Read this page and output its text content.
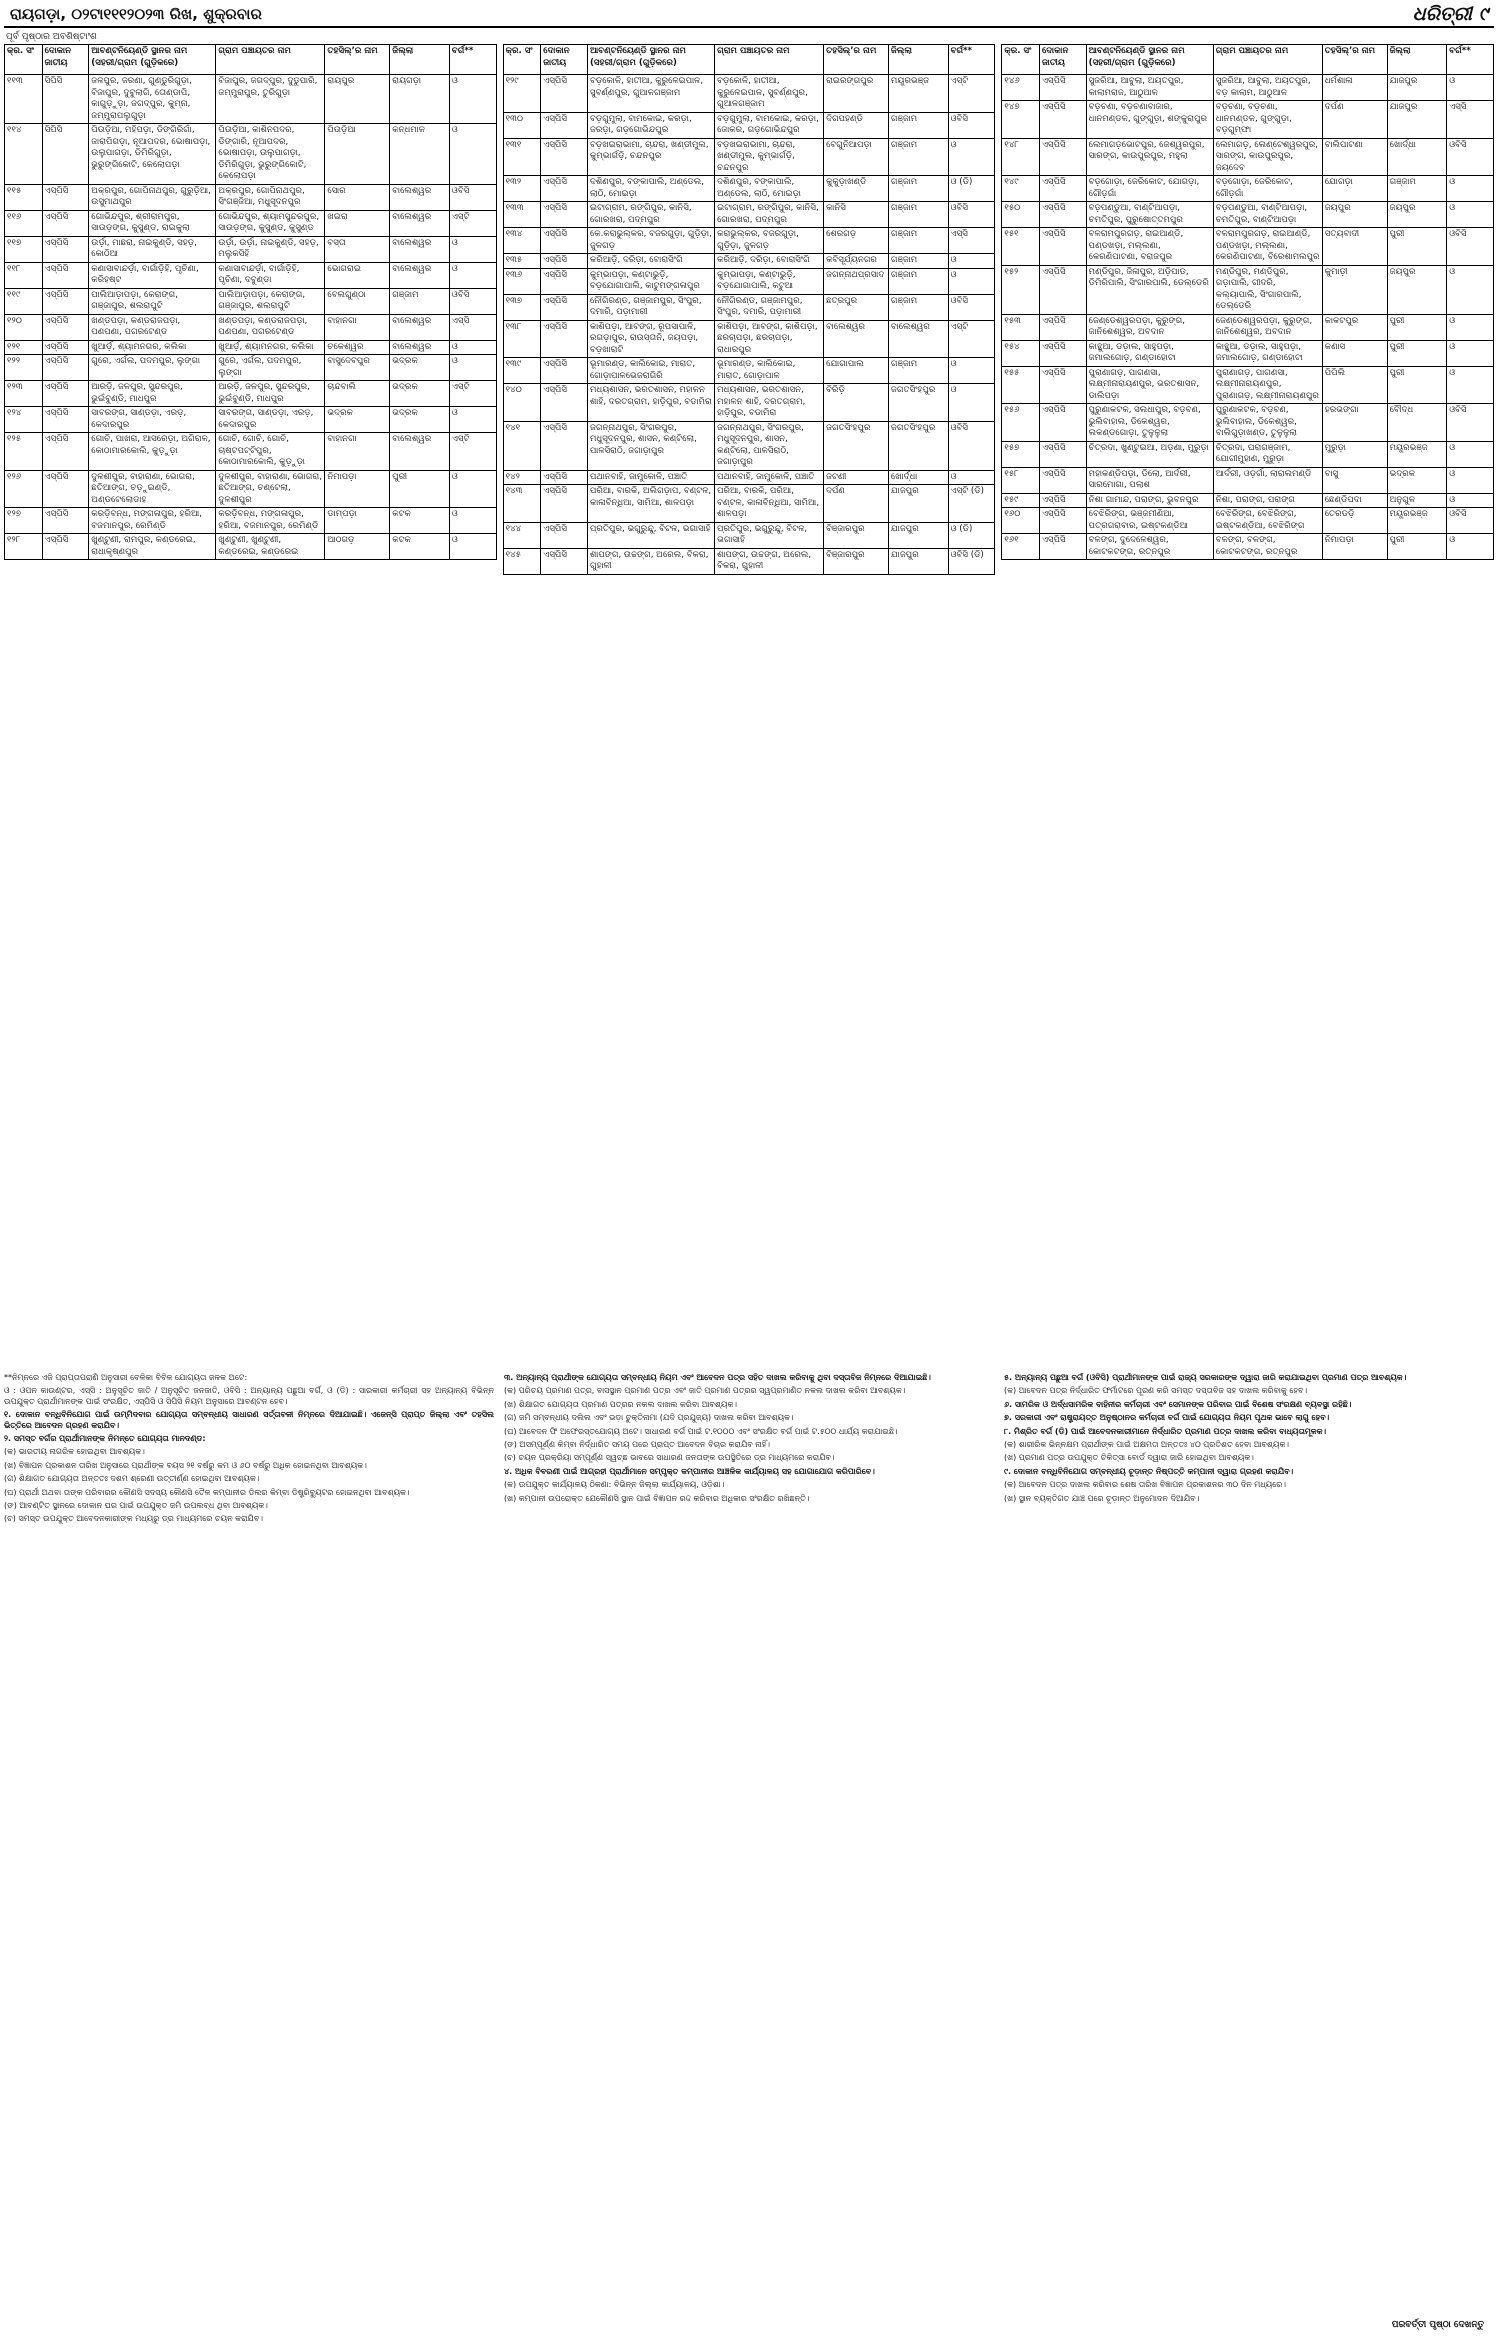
ରାୟଗଡ଼ା, ୦୨ଟା୧୧୧୨୦୨୩ ରିଖ, ଶୁକ୍ରବାର	ଧରିତ୍ରୀ ୯
ପୂର୍ବ ପୃଷ୍ଠାର ଅବଶିଷ୍ଟାଂଶ
କ୍ର. ସଂ	ଦୋକାନ ଜାତୀୟ	ଆବଣ୍ଟନିୟେଣ୍ଡି ସ୍ଥାନର ନାମ (ସହରୀ/ଗ୍ରାମ (ଗୁଡ଼ିକରେ)	ଗ୍ରାମ ପଞ୍ଚାୟତର ନାମ	ତହସିଲ୍’ର ନାମ	ଜିଲ୍ଲା	ବର୍ଗ**
୧୧୩	ସିପିସି	ଜଳପୁର, ଜରଣା, ଗୁଣ୍ଡୁରିଗୁଡ଼ା, ବିଜାପୁର, ଦୁବୁଲାଗି, ତୋଣ୍ଡାପି, କାଗୁଡ଼ୁଡ଼ା, ଜଗଦ୍ପୁର, କୁମ୍ନା, ଜମ୍ମୁରାପଲୁଗୁଡ଼ା	ବିଜାପୁର, ଜଗଦ୍ପୁର, ଦୁଡୁପାରି, ଜମ୍ମୁରାପୁର, ତୁରିଗୁଡ଼ା	ରାୟପୁର	ରାୟଗଡ଼ା	ଓ
୧୧୪	ସିପିସି	ପିଉଡ଼ିଆ, ମହିପଡ଼ା, ଡିଙ୍ଗିରିଗାଁ, ଜାରାପିଗଡ଼ା, ନୂଆପଦର, ଭୋଷାପଡ଼ା, ଉଲୁପାଗଡ଼ା, ଡିମିରିଗୁଡ଼ା, ଭୁରୁଙ୍ଗିକୋଟି, କେଲୋପଡ଼ା	ପିଉଡ଼ିଆ, କାଶିନପଦର, ଡିଙ୍ଗାରି, ନୂଆପଦର, ଭୋଷାପଡ଼ା, ଉଲୁପାଗଡ଼ା, ଡିମିରିଗୁଡ଼ା, ଭୁରୁଙ୍ଗିକୋଟି, କେଲୋପଡ଼ା	ପିଉଡ଼ିଆ	କନ୍ଧମାଳ	ଓ
୧୧୫	ଏସ୍‌ପିସି	ଅକ୍ରପୁର, ଗୋପିନାଥପୁର, ଗୁରୁଡ଼ିଆ, ଉସୁମାଥପୁର	ଅକ୍ରପୁର, ଗୋପିନାଥପୁର, ସିଂଗଞ୍ଜିଆ, ମଧୁସୂଦନପୁର	ସୋର	ବାଲେଶ୍ୱର	ଓବିସି
୧୧୬	ଏସ୍‌ପିସି	ଗୋଭିନ୍ଦପୁର, ଶ୍ରୀରାମପୁର, ସାଉଡ଼ଙ୍ଗ, କୁସୁଣ୍ଡ, ରାଇକୁଲା	ଗୋଭିନ୍ଦପୁର, ଶ୍ୟାମସୁନ୍ଦରପୁର, ସାଉଡ଼ଙ୍ଗ, କୁସୁଣ୍ଡ, କୁସୁଣ୍ଡ	ଖଇରା	ବାଲେଶ୍ୱର	ଏସ୍‌ଟି
୧୧୭	ଏସ୍‌ପିସି	ଉର୍ଡ଼ା, ମାଛରା, ନାଇକୁଣ୍ଡି, ସହଡ଼, କୋଠିଆ	ଉର୍ଡ଼ା, ଉର୍ଡ଼ା, ନାଇକୁଣ୍ଡି, ସହଡ଼, ମଲୁକସିହି	ବସ୍ତା	ବାଲେଶ୍ୱର	ଓ
୧୧୮	ଏସ୍‌ପିସି	କଣାସାବାନ୍ଦର୍ଡ଼ା, ବାର୍ଗାଡ଼ିହି, ପୃଚିଣା, କରିହଷ୍ଟ	କଣାସାବାନ୍ଦର୍ଡ଼ା, ବାର୍ଗାଡ଼ିହି, ପୃଚିଣା, ଦବୁଣ୍ଡା	ଭୋଗରାଇ	ବାଲେଶ୍ୱର	ଓ
୧୧୯	ଏସ୍‌ପିସି	ପାଲିଆଡ଼ାପଡ଼ା, କେରାଙ୍ଗ, ଗଞ୍ଜାପୁର, ଶଲରାପୁଟି	ପାଲିଆଡ଼ାପଡ଼ା, କେରାଙ୍ଗ, ଗଞ୍ଜାପୁର, ଶଲରାପୁଟି	ବେଲଗୁଣ୍ଠା	ଗଞ୍ଜାମ	ଓବିସି
୧୨୦	ଏସ୍‌ପିସି	ଖଣ୍ଡପଡ଼ା, କଣ୍ଡରାଜପଡ଼ା, ପଣପଣା, ପଗରଟେଣ୍ଡ	ଖଣ୍ଡପଡ଼ା, କଣ୍ଡରାଜପଡ଼ା, ପଣପଣା, ପଗରଟେଣ୍ଡ	ବାହାନଗା	ବାଲେଶ୍ୱର	ଏସ୍‌ସି
୧୨୧	ଏସ୍‌ପିସି	ଖୁଆର୍ଡ଼, ଶ୍ୟାମନଗର, କଲିକା	ଖୁଆର୍ଡ଼, ଶ୍ୟାମନଗର, କଲିକା	ଚକେଶ୍ୱର	ବାଲେଶ୍ୱର	ଓ
୧୨୨	ଏସ୍‌ପିସି	ଗୁରେ, ଏର୍ଗଲ, ପଦମପୁର, ଲୁଙ୍ଗା	ଗୁରେ, ଏର୍ଗଲ, ପଦମପୁର, ଲୁଙ୍ଗା	ବାସୁଦେବପୁର	ଭଦ୍ରକ	ଓ
୧୨୩	ଏସ୍‌ପିସି	ଆରଡ଼ି, ଜଳପୁର, ସୁନ୍ଦରପୁର, ଭୁଇଁବୁଣ୍ଡି, ମାଧପୁର	ଆରଡ଼ି, ଜଳପୁର, ସୁନ୍ଦରପୁର, ଭୁଇଁବୁଣ୍ଡି, ମାଧପୁର	ଚାନ୍ଦବାଲି	ଭଦ୍ରକ	ଏସ୍‌ଟି
୧୨୪	ଏସ୍‌ପିସି	ସାବରଙ୍ଗ, ସାଣ୍ଡଡ଼ା, ଏରଡ଼, କେଦାରପୁର	ସାବରଙ୍ଗ, ସାଣ୍ଡଡ଼ା, ଏରଡ଼, କେଦାରପୁର	ଭଦ୍ରକ	ଭଦ୍ରକ	ଓ
୧୨୫	ଏସ୍‌ପିସି	ଗୋଚି, ପାଖରା, ଆସରେଡ଼ା, ଅଗିରାଳ, କୋଠାମାରକୋଲି, କୁଡ଼ୁଡ଼ା	ଗୋଚି, ଗୋଚି, ଗୋଚି, ଚାଷ୍ଟପଟ୍ଟିପୁର, କୋଠାମାରକୋଲି, କୁଡ଼ୁଡ଼ା	ବାହାନଗା	ବାଲେଶ୍ୱର	ଏସ୍‌ଟି
୧୨୬	ଏସ୍‌ପିସି	ଦୁଳଶୀପୁର, ବାହାରାଣା, ଭୋଗରା, ଛତିଆଙ୍ଗ, ଚଡ଼ୁଇଣ୍ଡି, ଅଣ୍ଡଟେଲୋଡାହ	ଦୁଳଶୀପୁର, ବାହାରାଣା, ଭୋଗରା, ଛତିଆଙ୍ଗ, ଚଣ୍ଟେଲା, ଦୁଳଶୀପୁର	ନିମାପଡ଼ା	ପୁରୀ	ଓ
୧୨୭	ଏସ୍‌ପିସି	କରଡ଼ିବନ୍ଧ, ମଙ୍ଗଳାପୁର, ହରିଆ, ବଜମାନପୁର, ରେମିଣ୍ଡି	କରଡ଼ିବନ୍ଧ, ମଙ୍ଗଳାପୁର, ହରିଆ, ବଜମାନପୁର, ରେମିଣ୍ଡି	ଡାମ୍ପଡ଼ା	କଟକ	ଓ
୧୨୮	ଏସ୍‌ପିସି	ଖୁଣ୍ଟୁଣୀ, ରାମପୁର, କଣ୍ଡରେଇ, ରାଧାକୃଷ୍ଣପୁର	ଖୁଣ୍ଟୁଣୀ, ଖୁଣ୍ଟୁଣୀ, କଣ୍ଡରେଇ, କଣ୍ଡରେଇ	ଆଠଗଡ଼	କଟକ	ଓ
କ୍ର. ସଂ	ଦୋକାନ ଜାତୀୟ	ଆବଣ୍ଟନିୟେଣ୍ଡି ସ୍ଥାନର ନାମ (ସହରୀ/ଗ୍ରାମ (ଗୁଡ଼ିକରେ)	ଗ୍ରାମ ପଞ୍ଚାୟତର ନାମ	ତହସିଲ୍’ର ନାମ	ଜିଲ୍ଲା	ବର୍ଗ**
୧୨୯	ଏସ୍‌ପିସି	ବଡ଼କୋଳି, ହାତୀଆ, କୁରୁଳେଇପାଳ, ସୁବର୍ଣ୍ଣପୁର, ଗୁଆଳଗଞ୍ଜାମ	ବଡ଼କୋଳି, ହାତୀଆ, କୁରୁଳେଇପାଳ, ସୁବର୍ଣ୍ଣପୁର, ଗୁଆଳଗଞ୍ଜାମ	ରାଇରଙ୍ଗପୁର	ମୟୂରଭଞ୍ଜ	ଏସ୍‌ଟି
୧୩୦	ଏସ୍‌ପିସି	ବଡ଼ଗୁମୁଲା, ବାମକୋଇ, କରଡ଼ା, ଜରଡ଼ା, ଗଡ଼ଗୋଭିନ୍ଦପୁର	ବଡ଼ଗୁମୁଲା, ବାମକୋଇ, କରଡ଼ା, ଜୋକର, ଗଡ଼ଗୋଭିନ୍ଦପୁର	ଦିଗପହଣ୍ଡି	ଗଞ୍ଜାମ	ଓବିସି
୧୩୧	ଏସ୍‌ପିସି	ବଡ଼ଖଇରାଭାମା, ଚାନ୍ଦରା, ଖଣ୍ଡୀମୁଲ, କୁମ୍ଭାର୍ଗଡ଼ି, ଚନ୍ଦନପୁର	ବଡ଼ଖଇରାଭାମା, ଚାନ୍ଦରା, ଖଣ୍ଡୀମୁଲ, କୁମ୍ଭାର୍ଗଡ଼ି, ଚନ୍ଦନପୁର	ବେଗୁନିଆପଡ଼ା	ଗଞ୍ଜାମ	ଓ
୧୩୨	ଏସ୍‌ପିସି	ଦଶିଣପୁର, ବଙ୍କାପାଲି, ଅଣ୍ଡେଲ, ଲାଠି, ମୋଇଡ଼ା	ଦଶିଣପୁର, ବଙ୍କାପାଲି, ଅଣ୍ଡେଲ, ଲାଠି, ମୋଇଡ଼ା	କୁକୁଡ଼ାଖଣ୍ଡି	ଗଞ୍ଜାମ	ଓ (ଡି)
୧୩୩	ଏସ୍‌ପିସି	ଇଟାଗ୍ରାମ, ରଙ୍ଗିପୁର, କାନିସି, ଗୋରଖରା, ପଦ୍ମପୁର	ଇଟାଗ୍ରାମ, ରଙ୍ଗିପୁର, କାନିସି, ଗୋରଖରା, ପଦ୍ମପୁର	କାନିସି	ଗଞ୍ଜାମ	ଓବିସି
୧୩୪	ଏସ୍‌ପିସି	କେ.କରାଭୁଲ୍କର, ବଜରଗୁଡ଼ା, ଗୁଡ଼ିଡ଼ା, ଜୁଳଗଡ଼	କରାଭୁଲ୍କର, ବଜରଗୁଡ଼ା, ଗୁଡ଼ିଡ଼ା, ଜୁଳଗଡ଼	ଶେରଗଡ଼	ଗଞ୍ଜାମ	ଏସ୍‌ସି
୧୩୫	ଏସ୍‌ପିସି	କରିଆଡ଼ି, ଦରିଡ଼ା, ବୋରାସିଂଗି	କରିଆଡ଼ି, ଦରିଡ଼ା, ବୋରାସିଂଗି	କବିସୂର୍ଯ୍ୟନଗର	ଗଞ୍ଜାମ	ଓ
୧୩୬	ଏସ୍‌ପିସି	କୁମ୍ଭାପଡ଼ା, କଣ୍ଟାଭୁଡ଼ି, ବଡ଼ଯୋଗାପାଲି, କାଟୁମଙ୍ଗଳାପୁର	କୁମ୍ଭାପଡ଼ା, କଣ୍ଟାଭୁଡ଼ି, ବଡ଼ଯୋଗାପାଲି, କଟୁଆ	ଜଗନ୍ନାଥପ୍ରସାଦ	ଗଞ୍ଜାମ	ଓ
୧୩୭	ଏସ୍‌ପିସି	ନୌଗିରଣ୍ଡ, ଗଞ୍ଜାମପୁର, ସିଂପୁର, ଦମାରି, ପଡ଼ାମାରୀ	ନୌଗିରଣ୍ଡ, ଗଞ୍ଜାମପୁର, ସିଂପୁର, ଦମାରି, ପଡ଼ାମାରୀ	ଛତ୍ରପୁର	ଗଞ୍ଜାମ	ଓବିସି
୧୩୮	ଏସ୍‌ପିସି	କାଶିପଡ଼ା, ଆବଙ୍ଗ, ରୂପସାପାଳି, ରଗଡ଼ାପୁର, ରାଉସ୍ତାନି, ଜୟପଡ଼ା, ବଡ଼ଖାରାଟି	କାଶିପଡ଼ା, ଆବଙ୍ଗ, କାଶିପଡ଼ା, ଛରଚାପଡ଼ା, ଛରଚାପଡ଼ା, ରାଧାରପୁର	ବାଲେଶ୍ୱର	ବାଲେଶ୍ୱର	ଏସ୍‌ଟି
୧୩୯	ଏସ୍‌ପିସି	ଭୂମାରଣ୍ଡ, କାଲିକୋଇ, ମାରାତ, ଗୋଡ଼ାପାଳଭେଜରାଗିରି	ଭୂମାରଣ୍ଡ, କାଲିକୋଇ, ମାରାତ, ଗୋଡ଼ାପାଳ	ଯୋଗାପାଲ	ଗଞ୍ଜାମ	ଓ
୧୪୦	ଏସ୍‌ପିସି	ମଧ୍ୟଶାସନ, ଭରତଶାସନ, ମହାଳନ ଶାହି, ଦରତଗ୍ରାମ, ହାଡ଼ିପୁର, ବଡାମିରା	ମଧ୍ୟଶାସନ, ଭରତଶାସନ, ମହାଳନ ଶାହି, ଦରତଗ୍ରାମ, ହାଡ଼ିପୁର, ବଡାମିରା	ବିରିଡ଼ି	ଜଗତସିଂହପୁର	ଓ
୧୪୧	ଏସ୍‌ପିସି	ଜଗନ୍ନାଥପୁର, ସିଂଗରପୁର, ମଧୁସୂଦନପୁର, ଶାସନ, କଣ୍ଟିଲୋ, ପାଳସିରାଠି, ଜଗାଡ଼ାପୁର	ଜଗନ୍ନାଥପୁର, ସିଂଗରପୁର, ମଧୁସୂଦନପୁର, ଶାସନ, କଣ୍ଟିଲୋ, ପାଳସିରାଠି, ଜଗାଡ଼ାପୁର	ଜଗତସିଂହପୁର	ଜଗତସିଂହପୁର	ଓବିସି
୧୪୨	ଏସ୍‌ପିସି	ପଥାନବାହି, ଜାମୁକୋଳି, ପଞ୍ଚାତି	ପଥାନବାହି, ଜାମୁକୋଳି, ପଞ୍ଚାତି	ଜଟଣୀ	ଖୋର୍ଦ୍ଧା	ଓ
୧୪୩	ଏସ୍‌ପିସି	ପରିଆ, ବାରକି, ଅଲିଗଡ଼ାପ, ବଣ୍ଟଳ, କାଳାବିନ୍ଧିଆ, ସାମିଆ, ଶାଳପଡ଼ା	ପରିଆ, ବାରକି, ପରିଆ, ବଣ୍ଟଳ, କାଳାବିନ୍ଧିଆ, ସାମିଆ, ଶାଳପଡ଼ା	ଦର୍ପଣ	ଯାଜପୁର	ଏସ୍‌ଟି (ଡି)
୧୪୪	ଏସ୍‌ପିସି	ପ୍ରତିପୁର, ଭଗୁରୁନ୍ଦୁ, ବିଟଳ, ଭଗାସାହି	ପ୍ରତିପୁର, ଭଗୁରୁନ୍ଦୁ, ବିଟଳ, ଭଗାସାହି	ବିଞ୍ଜାରପୁର	ଯାଜପୁର	ଓ (ଡି)
୧୪୫	ଏସ୍‌ପିସି	ଶାପଙ୍ଗ, ଉଚ୍ଚଙ୍ଗ, ଅରେଲ, ବିକରା, ଗୁହାଳୀ	ଶାପଙ୍ଗ, ଉଚ୍ଚଙ୍ଗ, ଅରେଲ, ବିକରା, ଗୁହାଳୀ	ବିଞ୍ଜାରପୁର	ଯାଜପୁର	ଓବିସି (ଡି)
କ୍ର. ସଂ	ଦୋକାନ ଜାତୀୟ	ଆବଣ୍ଟନିୟେଣ୍ଡି ସ୍ଥାନର ନାମ (ସହରୀ/ଗ୍ରାମ (ଗୁଡ଼ିକରେ)	ଗ୍ରାମ ପଞ୍ଚାୟତର ନାମ	ତହସିଲ୍’ର ନାମ	ଜିଲ୍ଲା	ବର୍ଗ**
୧୪୬	ଏସ୍‌ପିସି	ସୁଜରିଆ, ଆବୁଲା, ଅୟତପୁର, କାଲାମରାଜ, ଆଠୁଆଳ	ସୁଜରିଆ, ଆବୁଲା, ଅୟତପୁର, ବଡ଼ କାଲାମ, ଆଠୁଆଳ	ଧର୍ମଶାଳା	ଯାଜପୁର	ଓ
୧୪୭	ଏସ୍‌ପିସି	ବଡ଼ଚଣା, ବଡ଼ଚଣାବାଜାର, ଧାନମଣ୍ଡଳ, ଗୁଙ୍ଗୁଡ଼ା, ଶଙ୍କୁରାପୁର	ବଡ଼ଚଣା, ବଡ଼ଚଣା, ଧାନମଣ୍ଡଳ, ଗୁଙ୍ଗୁଡ଼ା, ବଡ଼ଗୁମ୍ଫା	ଦର୍ପଣ	ଯାଜପୁର	ଏସ୍‌ସି
୧୪୮	ଏସ୍‌ପିସି	ଲେମାଗଡ଼ଭୋଟପୁର, ଜେଶ୍ୱରପୁର, ସାରଙ୍ଗ, କାଉପୁରପୁର, ମହୁଲା	ଲେମାଗଡ଼, ଲେଣ୍ଟେଶ୍ୱରପୁର, ସାରଙ୍ଗ, କାଉପୁରପୁର, ଜୟଦେବ	ବାଲିପାଟଣା	ଖୋର୍ଦ୍ଧା	ଓବିସି
୧୪୯	ଏସ୍‌ପିସି	ବଡ଼ଗୋଡ଼ା, ଜେରିକୋଟ, ଯୋଗଡ଼ା, ଗୌଡ଼ଗାଁ	ବଡ଼ଗୋଡ଼ା, ଜେରିକୋଟ, ଗୌଡ଼ଗାଁ	ଯୋଗଡ଼ା	ଗଞ୍ଜାମ	ଓ
୧୫୦	ଏସ୍‌ପିସି	ବଡ଼ପଣ୍ଡୁଆ, ବାଣ୍ଟିଆପଡ଼ା, ଚମତିପୁର, ପୁରୁଷୋତ୍ତମପୁର	ବଡ଼ପଣ୍ଡୁଆ, ବାଣ୍ଟିଆପଡ଼ା, ଚମତିପୁର, ବାଣ୍ଟିଆପଡ଼ା	ଜୟପୁର	ଜୟପୁର	ଓ
୧୫୧	ଏସ୍‌ପିସି	ବଳରାମପୁରଗଡ଼, ରାଇଆଣ୍ଡି, ପଣ୍ଡଖଡ଼ା, ମଲ୍ଲଣା, କେରଣିପାଟଣା, ବରାଜପୁର	ବଳରାମପୁରଗଡ଼, ରାଇଆଣ୍ଡି, ପଣ୍ଡଖଡ଼ା, ମଲ୍ଲଣା, କେରଣିପାଟଣା, ବିରେଶାମଲପୁର	ସତ୍ୟବାଦୀ	ପୁରୀ	ଓବିସି
୧୫୨	ଏସ୍‌ପିସି	ମଣ୍ଡିପୁର, ଜିଳାପୁର, ଅଡ଼ିପାଡ, ଡିମିରିପାଲି, ସିଂଗାରପାଲି, ଡେଲ୍ଡେରି	ମଣ୍ଡିପୁର, ମଣ୍ଡିପୁର, ଗଡ଼ାପାଲି, ଗୀଦରି, କଲ୍ୟାପାଲି, ସିଂଗାରପାଲି, ଡେଲ୍ଡେରି	କୁମାଡ଼ୀ	ଜୟପୁର	ଓ
୧୫୩	ଏସ୍‌ପିସି	ଜେଣ୍ଡେଶ୍ୱରପଡ଼ା, କୁରୁଙ୍ଗ, ଜାନିଶେଶ୍ୱର, ଅବଦାନ	ଜେଣ୍ଡେଶ୍ୱରପଡ଼ା, କୁରୁଙ୍ଗ, ଜାନିଶେଶ୍ୱର, ଅବଦାନ	କାକଟପୁର	ପୁରୀ	ଓ
୧୫୪	ଏସ୍‌ପିସି	କାନ୍ଥୁଆ, ଡଡ଼ାଲ, ସାହୁପଡ଼ା, ଜମାଲଗୋଡ଼, ଗଣ୍ଡାହୋଟା	କାନ୍ଥୁଆ, ଡଡ଼ାଲ, ସାହୁପଡ଼ା, ଜମାଲଗୋଡ଼, ଗଣ୍ଡାହୋଟା	କଣାସ	ପୁରୀ	ଓ
୧୫୫	ଏସ୍‌ପିସି	ପୁରାଣାଗଡ଼, ପାଗଣସା, ଲକ୍ଷ୍ମୀନାରାୟଣପୁର, ଭରତଶାସନ, ଡାଲିପଡ଼ା	ପୁରାଣାଗଡ଼, ପାଗଣସା, ଲକ୍ଷ୍ମୀନାରାୟଣପୁର, ପୁରାଣାଗଡ଼, ଲକ୍ଷ୍ମୀନାରାୟଣପୁର	ପିପିଲି	ପୁରୀ	ଓ
୧୫୬	ଏସ୍‌ପିସି	ପୁରୁଣାକଟକ, ସଲଧାପୁର, ବଡ଼ବଣ, ଭୁଲିବାହାଲ, ଡିକେଶ୍ୱର, ଲକଣ୍ଡଗୋଡ଼ା, ତୁଳୁଳୁଲା	ପୁରୁଣାକଟକ, ବଡ଼ବଣ, ଭୁଲିବାହାଲ, ଡିକେଶ୍ୱର, ବାଲିଗୁଡ଼ାଖଣ୍ଡ, ତୁଳୁଳୁଲା	ହରଭଙ୍ଗା	ବୌଦ୍ଧ	ଓବିସି
୧୫୭	ଏସ୍‌ପିସି	ଚିତ୍ରଦା, ଖୁଣ୍ଟୁଇଆ, ଅଡ଼ଣା, ମୁରୁଡ଼ା	ଚିତ୍ରଦା, ଘରାଗଞ୍ଜାମ, ଯୋଗୀମୁହାଣ, ମୁରୁଡ଼ା	ମୁରୁଡ଼ା	ମୟୂରଭଞ୍ଜ	ଓ
୧୫୮	ଏସ୍‌ପିସି	ମହାକଣ୍ଡିପଡ଼ା, ଡିଲୋ, ଆର୍ଦରୀ, ସାରମୋଗା, ପଲାଶ	ଆର୍ଦରୀ, ଓଡ଼ର୍ଗା, ଲାରାଲମଣ୍ଡି	ବାସୁ	ଭଦ୍ରକ	ଓ
୧୫୯	ଏସ୍‌ପିସି	ନିଶା ଗାମାନ୍ଦ, ପରାଙ୍ଗ, ଭୁବନପୁର	ନିଶା, ପରାଙ୍ଗ, ପରାଙ୍ଗ	ଛେଣ୍ଡିପଦା	ଅନୁଗୁଳ	ଓ
୧୬୦	ଏସ୍‌ପିସି	ବେଝିରିଙ୍ଗ, ଭଞ୍ଜମୀଣିଆ, ପତ୍ରଗରାବାର, ଇଷ୍ଟକଣ୍ଡିଆ	ବେଝିରିଙ୍ଗ, ବେଝିରିଙ୍ଗ, ଇଷ୍ଟକଣ୍ଡିଆ, ବେଝିରିଙ୍ଗ	ତେରଡଡ଼ି	ମୟୂରଭଞ୍ଜ	ଓବିସି
୧୬୧	ଏସ୍‌ପିସି	ବଳଙ୍ଗ, ଦୁଦେଳେଶ୍ୱର, କୋଟକଟଙ୍ଗ, ରତ୍ନପୁର	ବଳଙ୍ଗ, ବଳଙ୍ଗ, କୋଟକଟଙ୍ଗ, ରତ୍ନପୁର	ନିମାପଡ଼ା	ପୁରୀ	ଓ

**ନିମ୍ନରେ ଏଜି ପ୍ରାପ୍ତାପରାଣି ଅନୁସାରୀ ବେଳିକା ବିବିଳ ଯୋଗ୍ୟତା ଜଳକ ଅଟେ:

ଓ : ଓପନ କାଉଣ୍ଟର, ଏସ୍‌ସି : ଅନୁସୂଚିତ ଜାତି / ଅନୁସୂଚିତ ଜନଜାତି, ଓବିସି : ଅନ୍ୟାନ୍ୟ ପଛୁଆ ବର୍ଗ, ଓ (ଡି) : ସାରକାରୀ କର୍ମଚାରୀ ସହ ଅନ୍ୟାନ୍ୟ ବିଭିନ୍ନ ଉପଯୁକ୍ତ ପ୍ରାର୍ଥୀମାନଙ୍କ ପାଇଁ ସଂରକ୍ଷିତ, ଏସ୍‌ପିସି ଓ ସିପିସି ନିୟମ ଅନୁସାରେ ଆବଣ୍ଟନ ହେବ।

୧. ଦୋକାନ ବନ୍ଧିବିନିଯୋଗ ପାଇଁ ଉମ୍ମିଦବାର ଯୋଗ୍ୟତା ସମ୍ବନ୍ଧୀୟ ସାଧାରଣ ସର୍ତ୍ତାବଳୀ ନିମ୍ନରେ ଦିଆଯାଇଛି। ଏଜେନ୍ସି ପ୍ରାପ୍ତ ଜିଲ୍ଲା ଏବଂ ତହସିଲ ଭିତ୍ତିରେ ଆବେଦନ ଗ୍ରହଣ କରାଯିବ।

୨. ସମସ୍ତ ବର୍ଗର ପ୍ରାର୍ଥୀମାନଙ୍କ ନିମନ୍ତେ ଯୋଗ୍ୟତା ମାନଦଣ୍ଡ:

(କ) ଭାରତୀୟ ନାଗରିକ ହୋଇଥିବା ଆବଶ୍ୟକ।

(ଖ) ବିଜ୍ଞାପନ ପ୍ରକାଶନ ତାରିଖ ଅନୁସାରେ ପ୍ରାର୍ଥୀଙ୍କ ବୟସ ୨୧ ବର୍ଷରୁ କମ ଓ ୬୦ ବର୍ଷରୁ ଅଧିକ ହୋଇନଥିବା ଆବଶ୍ୟକ।

(ଗ) ଶିକ୍ଷାଗତ ଯୋଗ୍ୟତା ଅନ୍ତତଃ ଦଶମ ଶ୍ରେଣୀ ଉତ୍ତୀର୍ଣ୍ଣ ହୋଇଥିବା ଆବଶ୍ୟକ।

(ଘ) ପ୍ରାର୍ଥୀ ଅଥବା ତାଙ୍କ ପରିବାରର କୌଣସି ସଦସ୍ୟ କୌଣସି ତୈଳ କମ୍ପାନୀର ଡିଲର କିମ୍ବା ଡିଷ୍ଟ୍ରିବ୍ୟୁଟର ହୋଇନଥିବା ଆବଶ୍ୟକ।

(ଙ) ଆବଣ୍ଟିତ ସ୍ଥାନରେ ଦୋକାନ ଘର ପାଇଁ ଉପଯୁକ୍ତ ଜମି ଉପଲବ୍ଧ ଥିବା ଆବଶ୍ୟକ।

(ଚ) ସମସ୍ତ ଉପଯୁକ୍ତ ଆବେଦନକାରୀଙ୍କ ମଧ୍ୟରୁ ଡ୍ର ମାଧ୍ୟମରେ ଚୟନ କରାଯିବ।

୩. ଅନ୍ୟାନ୍ୟ ପ୍ରାର୍ଥୀଙ୍କ ଯୋଗ୍ୟତା ସମ୍ବନ୍ଧୀୟ ନିୟମ ଏବଂ ଆବେଦନ ପତ୍ର ସହିତ ଦାଖଲ କରିବାକୁ ଥିବା ଦସ୍ତାବିଜ ନିମ୍ନରେ ଦିଆଯାଇଛି।

(କ) ପରିଚୟ ପ୍ରମାଣ ପତ୍ର, ବାସସ୍ଥାନ ପ୍ରମାଣ ପତ୍ର ଏବଂ ଜାତି ପ୍ରମାଣ ପତ୍ରର ସ୍ୱପ୍ରମାଣିତ ନକଲ ଦାଖଲ କରିବା ଆବଶ୍ୟକ।

(ଖ) ଶିକ୍ଷାଗତ ଯୋଗ୍ୟତା ପ୍ରମାଣ ପତ୍ରର ନକଲ ଦାଖଲ କରିବା ଆବଶ୍ୟକ।

(ଗ) ଜମି ସମ୍ବନ୍ଧୀୟ ଦଲିଲ ଏବଂ ଭଡ଼ା ଚୁକ୍ତିନାମା (ଯଦି ପ୍ରଯୁଜ୍ୟ) ଦାଖଲ କରିବା ଆବଶ୍ୟକ।

(ଘ) ଆବେଦନ ଫି ଅଫେରସ୍ତଯୋଗ୍ୟ ଅଟେ। ସାଧାରଣ ବର୍ଗ ପାଇଁ ଟ.୧୦୦୦ ଏବଂ ସଂରକ୍ଷିତ ବର୍ଗ ପାଇଁ ଟ.୫୦୦ ଧାର୍ଯ୍ୟ କରାଯାଇଛି।

(ଙ) ଅସମ୍ପୂର୍ଣ୍ଣ କିମ୍ବା ନିର୍ଦ୍ଧାରିତ ସମୟ ପରେ ପ୍ରାପ୍ତ ଆବେଦନ ବିଚାର କରାଯିବ ନାହିଁ।

(ଚ) ଚୟନ ପ୍ରକ୍ରିୟା ସମ୍ପୂର୍ଣ୍ଣ ସ୍ୱଚ୍ଛ ଭାବରେ ସାଧାରଣ ଜନତାଙ୍କ ଉପସ୍ଥିତିରେ ଡ୍ର ମାଧ୍ୟମରେ କରାଯିବ।

୪. ଅଧିକ ବିବରଣୀ ପାଇଁ ଆଗ୍ରହୀ ପ୍ରାର୍ଥୀମାନେ ସମ୍ପୃକ୍ତ କମ୍ପାନୀର ଆଞ୍ଚଳିକ କାର୍ଯ୍ୟାଳୟ ସହ ଯୋଗାଯୋଗ କରିପାରିବେ।

(କ) ଉପଯୁକ୍ତ କାର୍ଯ୍ୟାଳୟ ଠିକଣା: ବିଭିନ୍ନ ଜିଲ୍ଲା କାର୍ଯ୍ୟାଳୟ, ଓଡ଼ିଶା।

(ଖ) କମ୍ପାନୀ ଉପରୋକ୍ତ ଯେକୌଣସି ସ୍ଥାନ ପାଇଁ ବିଜ୍ଞାପନ ରଦ୍ଦ କରିବାର ଅଧିକାର ସଂରକ୍ଷିତ ରଖିଛନ୍ତି।

୫. ଅନ୍ୟାନ୍ୟ ପଛୁଆ ବର୍ଗ (ଓବିସି) ପ୍ରାର୍ଥୀମାନଙ୍କ ପାଇଁ ରାଜ୍ୟ ସରକାରଙ୍କ ଦ୍ୱାରା ଜାରି କରାଯାଇଥିବା ପ୍ରମାଣ ପତ୍ର ଆବଶ୍ୟକ।

(କ) ଆବେଦନ ପତ୍ର ନିର୍ଦ୍ଧାରିତ ଫର୍ମାଟରେ ପୂରଣ କରି ସମସ୍ତ ଦସ୍ତାବିଜ ସହ ଦାଖଲ କରିବାକୁ ହେବ।

୬. ସାମରିକ ଓ ଅର୍ଦ୍ଧସାମରିକ ବାହିନୀର କର୍ମଚାରୀ ଏବଂ ସେମାନଙ୍କ ପରିବାର ପାଇଁ ବିଶେଷ ସଂରକ୍ଷଣ ବ୍ୟବସ୍ଥା ରହିଛି।

୭. ସରକାରୀ ଏବଂ ରାଷ୍ଟ୍ରାୟତ୍ତ ଅନୁଷ୍ଠାନର କର୍ମଚାରୀ ବର୍ଗ ପାଇଁ ଯୋଗ୍ୟତା ନିୟମ ପୃଥକ ଭାବେ ଲାଗୁ ହେବ।

୮. ମିଶ୍ରିତ ବର୍ଗ (ଡି) ପାଇଁ ଆବେଦନକାରୀମାନେ ନିର୍ଦ୍ଧାରିତ ପ୍ରମାଣ ପତ୍ର ଦାଖଲ କରିବା ବାଧ୍ୟତାମୂଳକ।

(କ) ଶାରୀରିକ ଭିନ୍ନକ୍ଷମ ପ୍ରାର୍ଥୀଙ୍କ ପାଇଁ ଅକ୍ଷମତା ଅନ୍ତତଃ ୪୦ ପ୍ରତିଶତ ହେବା ଆବଶ୍ୟକ।

(ଖ) ପ୍ରମାଣ ପତ୍ର ଉପଯୁକ୍ତ ଚିକିତ୍ସା ବୋର୍ଡ ଦ୍ୱାରା ଜାରି ହୋଇଥିବା ଆବଶ୍ୟକ।

୯. ଦୋକାନ ବନ୍ଧିବିନିଯୋଗ ସମ୍ବନ୍ଧୀୟ ଚୂଡ଼ାନ୍ତ ନିଷ୍ପତ୍ତି କମ୍ପାନୀ ଦ୍ୱାରା ଗ୍ରହଣ କରାଯିବ।

(କ) ଆବେଦନ ପତ୍ର ଦାଖଲ କରିବାର ଶେଷ ତାରିଖ ବିଜ୍ଞାପନ ପ୍ରକାଶନର ୩୦ ଦିନ ମଧ୍ୟରେ।

(ଖ) ସ୍ଥାନ ବ୍ୟକ୍ତିଗତ ଯାଞ୍ଚ ପରେ ଚୂଡ଼ାନ୍ତ ଅନୁମୋଦନ ଦିଆଯିବ।

ପରବର୍ତ୍ତୀ ପୃଷ୍ଠା ଦେଖନ୍ତୁ
